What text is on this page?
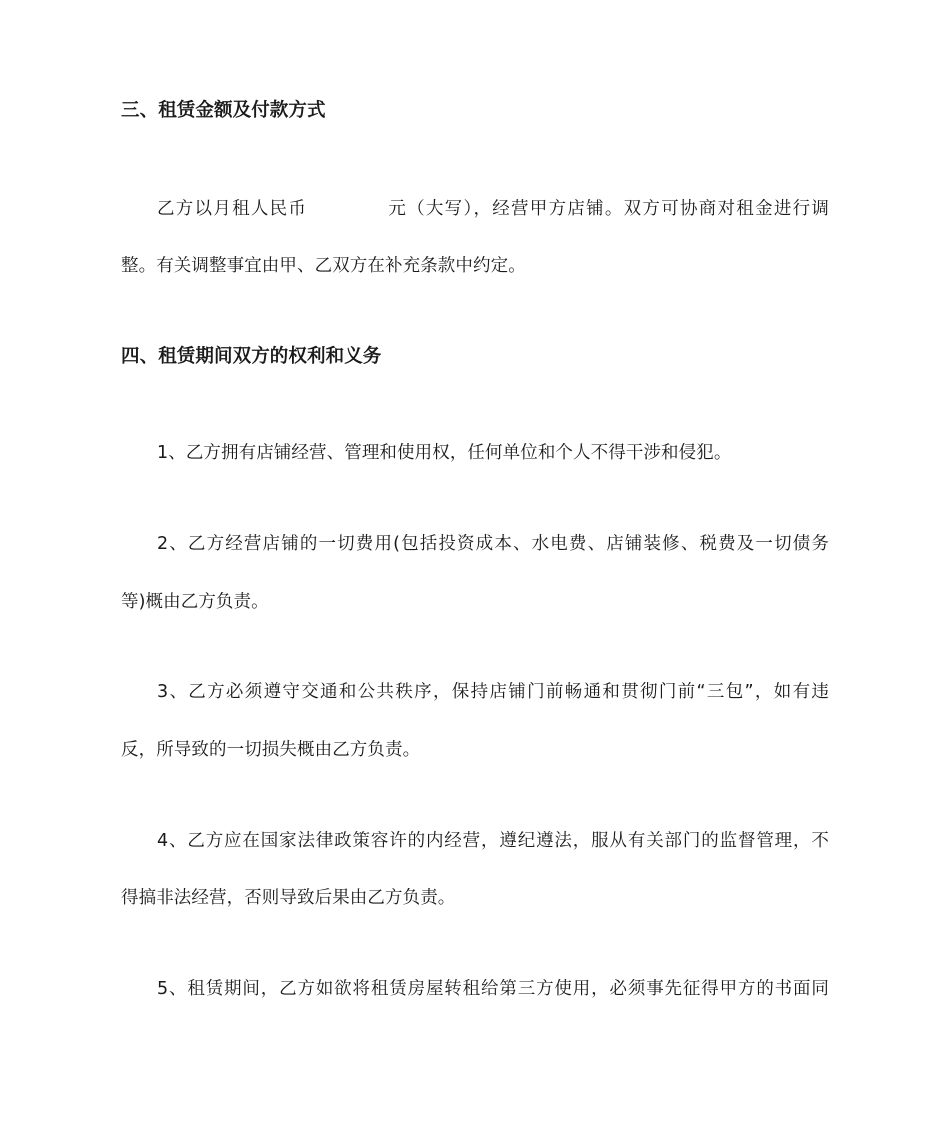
三、租赁金额及付款方式
乙方以月租人民币	元（大写），经营甲方店铺。双方可协商对租金进行调
整。有关调整事宜由甲、乙双方在补充条款中约定。
四、租赁期间双方的权利和义务
1、乙方拥有店铺经营、管理和使用权，任何单位和个人不得干涉和侵犯。
2、乙方经营店铺的一切费用(包括投资成本、水电费、店铺装修、税费及一切债务
等)概由乙方负责。
3、乙方必须遵守交通和公共秩序，保持店铺门前畅通和贯彻门前“三包”，如有违
反，所导致的一切损失概由乙方负责。
4、乙方应在国家法律政策容许的内经营，遵纪遵法，服从有关部门的监督管理，不
得搞非法经营，否则导致后果由乙方负责。
5、租赁期间，乙方如欲将租赁房屋转租给第三方使用，必须事先征得甲方的书面同
